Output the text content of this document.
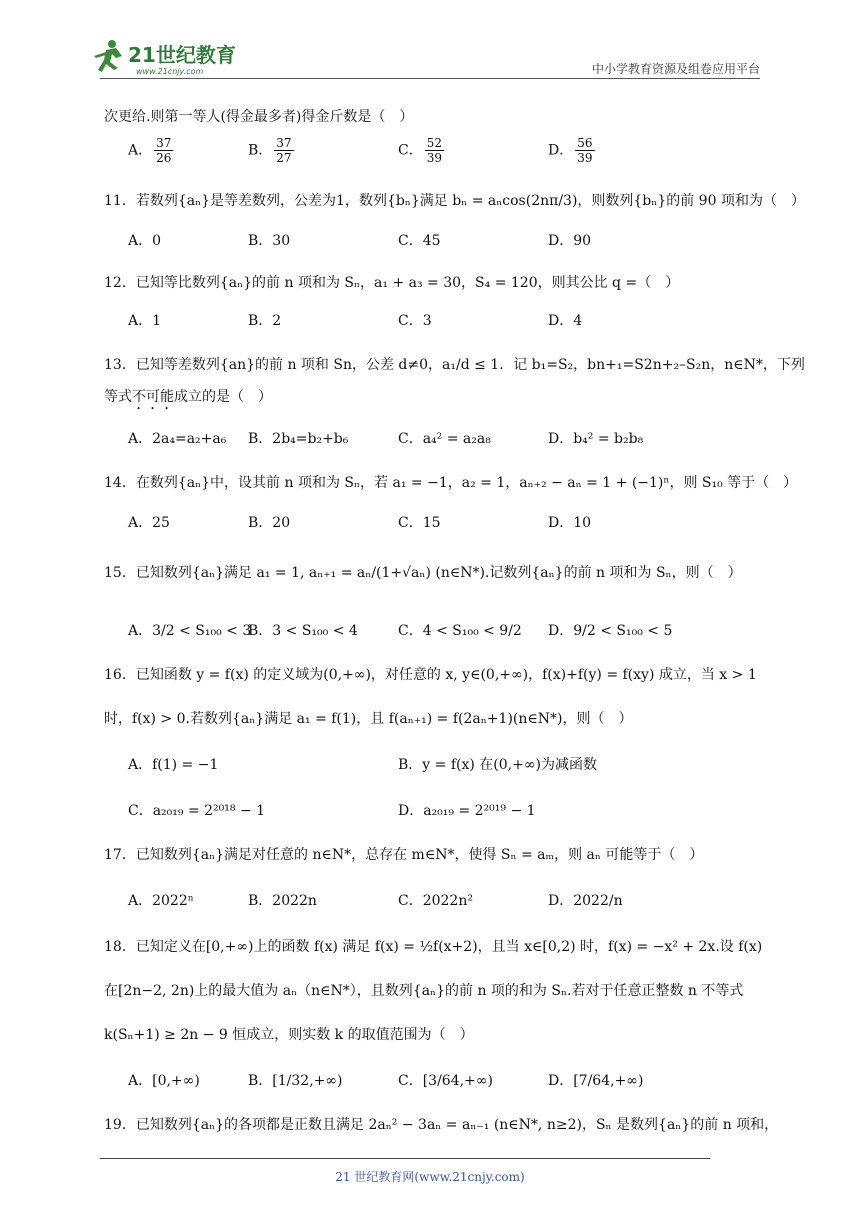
21世纪教育
www.21cnjy.com	中小学教育资源及组卷应用平台
次更给.则第一等人(得金最多者)得金斤数是（　）
A． $\frac{37}{26}$	B． $\frac{37}{27}$	C． $\frac{52}{39}$	D． $\frac{56}{39}$
11．若数列{aₙ}是等差数列，公差为1，数列{bₙ}满足 bₙ = aₙcos(2nπ/3)，则数列{bₙ}的前 90 项和为（　）
A．0	B．30	C．45	D．90
12．已知等比数列{aₙ}的前 n 项和为 Sₙ，a₁ + a₃ = 30，S₄ = 120，则其公比 q =（　）
A．1	B．2	C．3	D．4
13．已知等差数列{an}的前 n 项和 Sn，公差 d≠0，a₁/d ≤ 1．记 b₁=S₂，bn+₁=S2n+₂–S₂n，n∈N*，下列
等式不可能成立的是（　）
A．2a₄=a₂+a₆ B．2b₄=b₂+b₆	C．a₄² = a₂a₈	D．b₄² = b₂b₈
14．在数列{aₙ}中，设其前 n 项和为 Sₙ，若 a₁ = −1，a₂ = 1，aₙ₊₂ − aₙ = 1 + (−1)ⁿ，则 S₁₀ 等于（　）
A．25	B．20	C．15	D．10
15．已知数列{aₙ}满足 a₁ = 1, aₙ₊₁ = aₙ/(1+√aₙ) (n∈N*).记数列{aₙ}的前 n 项和为 Sₙ，则（　）
A．3/2 < S₁₀₀ < 3
B．3 < S₁₀₀ < 4	C．4 < S₁₀₀ < 9/2 D．9/2 < S₁₀₀ < 5
16．已知函数 y = f(x) 的定义域为(0,+∞)，对任意的 x, y∈(0,+∞)，f(x)+f(y) = f(xy) 成立，当 x > 1
时，f(x) > 0.若数列{aₙ}满足 a₁ = f(1)，且 f(aₙ₊₁) = f(2aₙ+1)(n∈N*)，则（　）
A．f(1) = −1	B．y = f(x) 在(0,+∞)为减函数
C．a₂₀₁₉ = 2²⁰¹⁸ − 1	D．a₂₀₁₉ = 2²⁰¹⁹ − 1
17．已知数列{aₙ}满足对任意的 n∈N*，总存在 m∈N*，使得 Sₙ = aₘ，则 aₙ 可能等于（　）
A．2022ⁿ	B．2022n	C．2022n²	D．2022/n
18．已知定义在[0,+∞)上的函数 f(x) 满足 f(x) = ½f(x+2)，且当 x∈[0,2) 时，f(x) = −x² + 2x.设 f(x)
在[2n−2, 2n)上的最大值为 aₙ（n∈N*），且数列{aₙ}的前 n 项的和为 Sₙ.若对于任意正整数 n 不等式
k(Sₙ+1) ≥ 2n − 9 恒成立，则实数 k 的取值范围为（　）
A．[0,+∞)	B．[1/32,+∞)	C．[3/64,+∞)	D．[7/64,+∞)
19．已知数列{aₙ}的各项都是正数且满足 2aₙ² − 3aₙ = aₙ₋₁ (n∈N*, n≥2)，Sₙ 是数列{aₙ}的前 n 项和，
21 世纪教育网(www.21cnjy.com)
